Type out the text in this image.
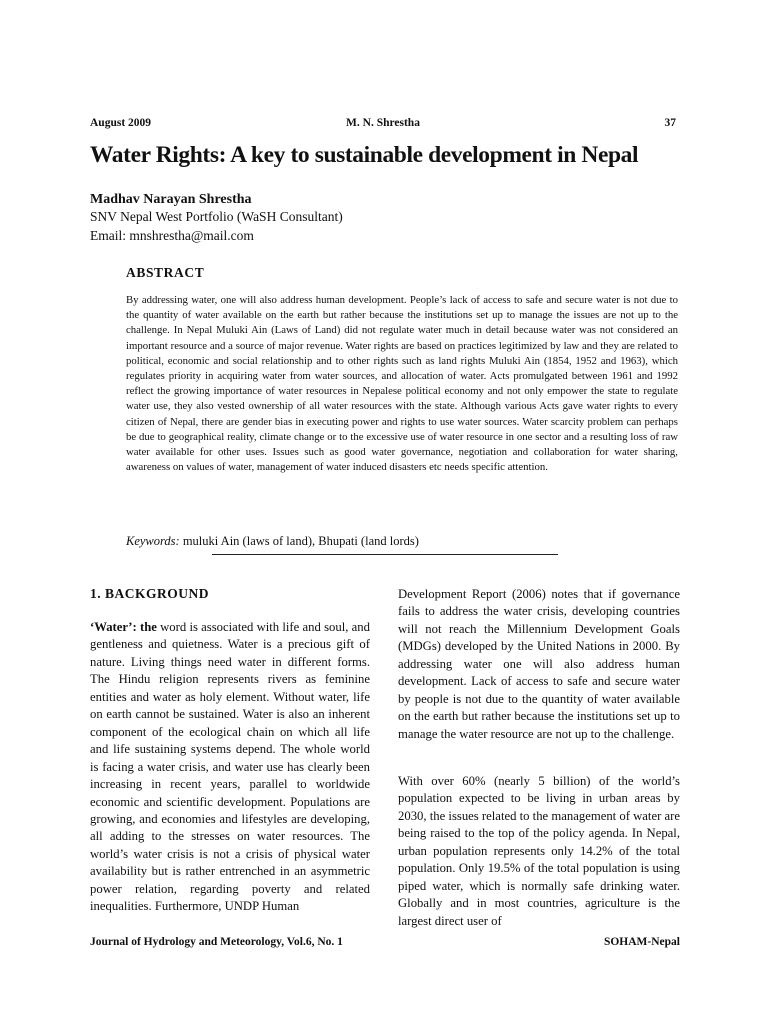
August 2009	M. N. Shrestha	37
Water Rights: A key to sustainable development in Nepal
Madhav Narayan Shrestha
SNV Nepal West Portfolio (WaSH Consultant)
Email: mnshrestha@mail.com
ABSTRACT

By addressing water, one will also address human development. People’s lack of access to safe and secure water is not due to the quantity of water available on the earth but rather because the institutions set up to manage the issues are not up to the challenge. In Nepal Muluki Ain (Laws of Land) did not regulate water much in detail because water was not considered an important resource and a source of major revenue. Water rights are based on practices legitimized by law and they are related to political, economic and social relationship and to other rights such as land rights Muluki Ain (1854, 1952 and 1963), which regulates priority in acquiring water from water sources, and allocation of water. Acts promulgated between 1961 and 1992 reflect the growing importance of water resources in Nepalese political economy and not only empower the state to regulate water use, they also vested ownership of all water resources with the state. Although various Acts gave water rights to every citizen of Nepal, there are gender bias in executing power and rights to use water sources. Water scarcity problem can perhaps be due to geographical reality, climate change or to the excessive use of water resource in one sector and a resulting loss of raw water available for other uses. Issues such as good water governance, negotiation and collaboration for water sharing, awareness on values of water, management of water induced disasters etc needs specific attention.

Keywords: muluki Ain (laws of land), Bhupati (land lords)
1. BACKGROUND

‘Water’: the word is associated with life and soul, and gentleness and quietness. Water is a precious gift of nature. Living things need water in different forms. The Hindu religion represents rivers as feminine entities and water as holy element. Without water, life on earth cannot be sustained. Water is also an inherent component of the ecological chain on which all life and life sustaining systems depend. The whole world is facing a water crisis, and water use has clearly been increasing in recent years, parallel to worldwide economic and scientific development. Populations are growing, and economies and lifestyles are developing, all adding to the stresses on water resources. The world’s water crisis is not a crisis of physical water availability but is rather entrenched in an asymmetric power relation, regarding poverty and related inequalities. Furthermore, UNDP Human

Development Report (2006) notes that if governance fails to address the water crisis, developing countries will not reach the Millennium Development Goals (MDGs) developed by the United Nations in 2000. By addressing water one will also address human development. Lack of access to safe and secure water by people is not due to the quantity of water available on the earth but rather because the institutions set up to manage the water resource are not up to the challenge.

With over 60% (nearly 5 billion) of the world’s population expected to be living in urban areas by 2030, the issues related to the management of water are being raised to the top of the policy agenda. In Nepal, urban population represents only 14.2% of the total population. Only 19.5% of the total population is using piped water, which is normally safe drinking water. Globally and in most countries, agriculture is the largest direct user of

Journal of Hydrology and Meteorology, Vol.6, No. 1	SOHAM-Nepal
